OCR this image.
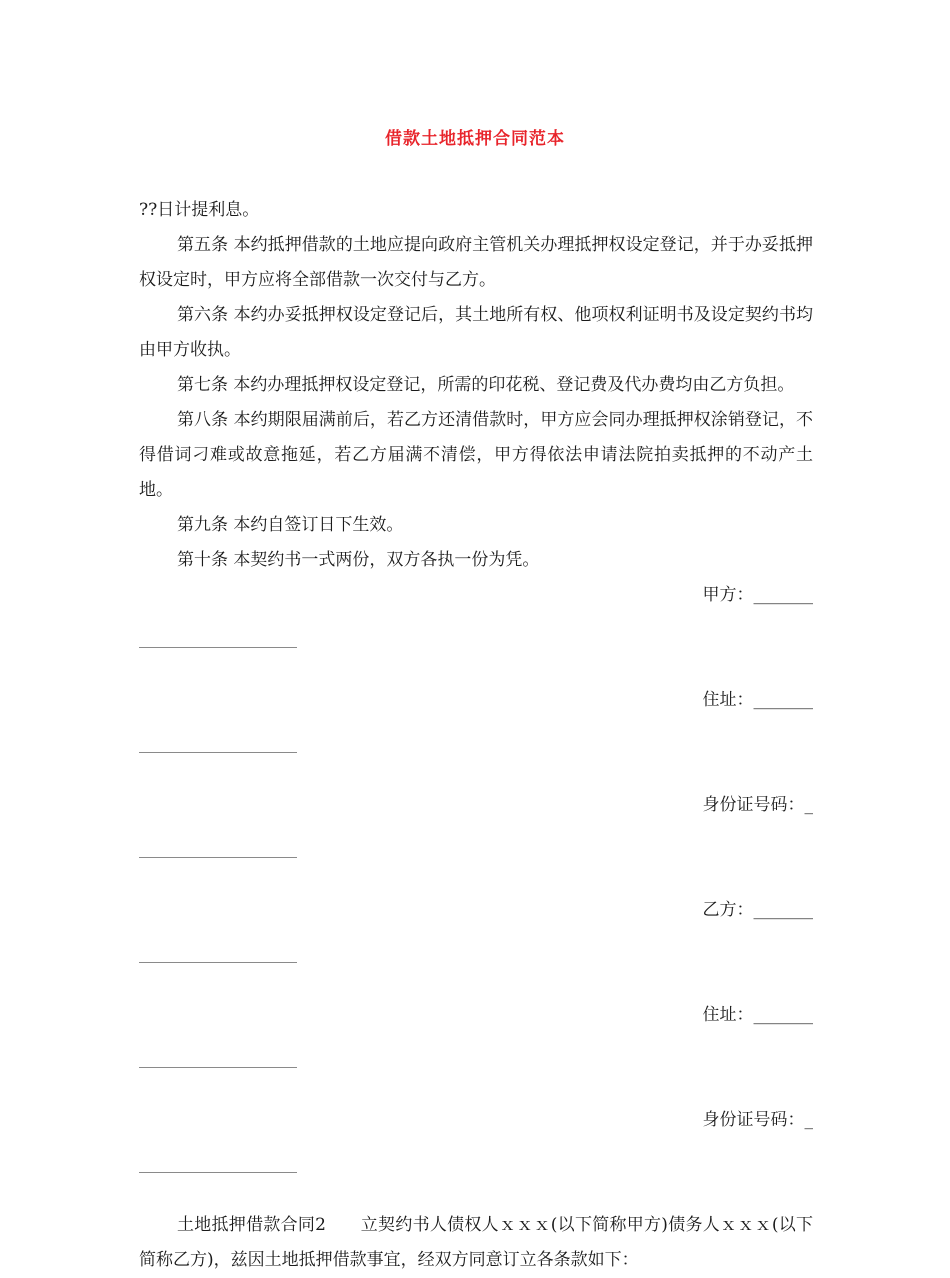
借款土地抵押合同范本

??日计提利息。

第五条 本约抵押借款的土地应提向政府主管机关办理抵押权设定登记，并于办妥抵押权设定时，甲方应将全部借款一次交付与乙方。

第六条 本约办妥抵押权设定登记后，其土地所有权、他项权利证明书及设定契约书均由甲方收执。

第七条 本约办理抵押权设定登记，所需的印花税、登记费及代办费均由乙方负担。

第八条 本约期限届满前后，若乙方还清借款时，甲方应会同办理抵押权涂销登记，不得借词刁难或故意拖延，若乙方届满不清偿，甲方得依法申请法院拍卖抵押的不动产土地。

第九条 本约自签订日下生效。

第十条 本契约书一式两份，双方各执一份为凭。

甲方：_______

住址：_______

身份证号码：_

乙方：_______

住址：_______

身份证号码：_

土地抵押借款合同2　　立契约书人债权人ｘｘｘ(以下简称甲方)债务人ｘｘｘ(以下简称乙方)，兹因土地抵押借款事宜，经双方同意订立各条款如下：
